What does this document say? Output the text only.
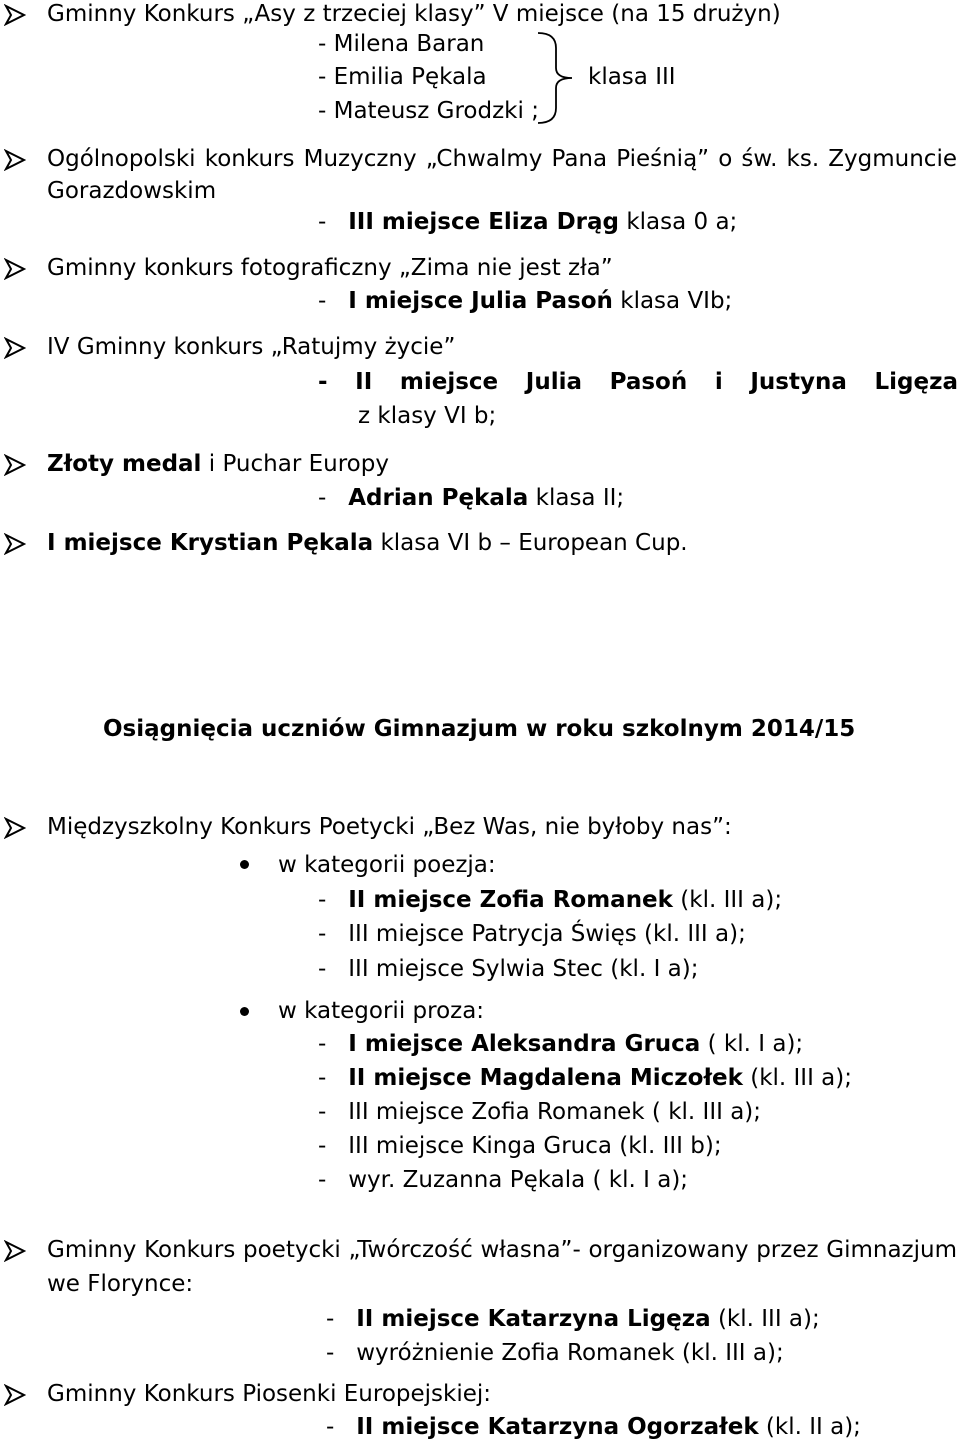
Gminny Konkurs „Asy z trzeciej klasy” V miejsce (na 15 drużyn)
- Milena Baran
- Emilia Pękala
- Mateusz Grodzki ;
klasa III
Ogólnopolski konkurs Muzyczny „Chwalmy Pana Pieśnią” o św. ks. Zygmuncie
Gorazdowskim
- III miejsce Eliza Drąg klasa 0 a;
Gminny konkurs fotograficzny „Zima nie jest zła”
- I miejsce Julia Pasoń klasa VIb;
IV Gminny konkurs „Ratujmy życie”
- II miejsce Julia Pasoń i Justyna Ligęza
z klasy VI b;
Złoty medal i Puchar Europy
- Adrian Pękala klasa II;
I miejsce Krystian Pękala klasa VI b – European Cup.
Osiągnięcia uczniów Gimnazjum w roku szkolnym 2014/15
Międzyszkolny Konkurs Poetycki „Bez Was, nie byłoby nas”:
w kategorii poezja:
- II miejsce Zofia Romanek (kl. III a);
- III miejsce Patrycja Święs (kl. III a);
- III miejsce Sylwia Stec (kl. I a);
w kategorii proza:
- I miejsce Aleksandra Gruca ( kl. I a);
- II miejsce Magdalena Miczołek (kl. III a);
- III miejsce Zofia Romanek ( kl. III a);
- III miejsce Kinga Gruca (kl. III b);
- wyr. Zuzanna Pękala ( kl. I a);
Gminny Konkurs poetycki „Twórczość własna”- organizowany przez Gimnazjum
we Florynce:
- II miejsce Katarzyna Ligęza (kl. III a);
- wyróżnienie Zofia Romanek (kl. III a);
Gminny Konkurs Piosenki Europejskiej:
- II miejsce Katarzyna Ogorzałek (kl. II a);
